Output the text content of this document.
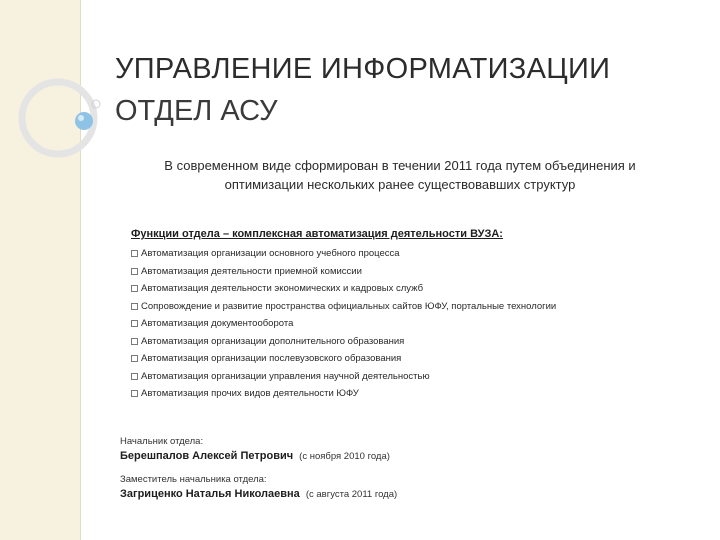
УПРАВЛЕНИЕ ИНФОРМАТИЗАЦИИ
ОТДЕЛ АСУ
В современном виде сформирован в течении 2011 года путем объединения и оптимизации нескольких ранее существовавших структур
Функции отдела – комплексная автоматизация деятельности ВУЗА:
Автоматизация организации основного учебного процесса
Автоматизация деятельности приемной комиссии
Автоматизация деятельности экономических и кадровых служб
Сопровождение и развитие пространства официальных сайтов ЮФУ, портальные технологии
Автоматизация документооборота
Автоматизация организации дополнительного образования
Автоматизация организации послевузовского образования
Автоматизация организации управления научной деятельностью
Автоматизация прочих видов деятельности ЮФУ
Начальник отдела:
Берешпалов Алексей Петрович (с ноября 2010 года)
Заместитель начальника отдела:
Загриценко Наталья Николаевна (с августа 2011 года)
